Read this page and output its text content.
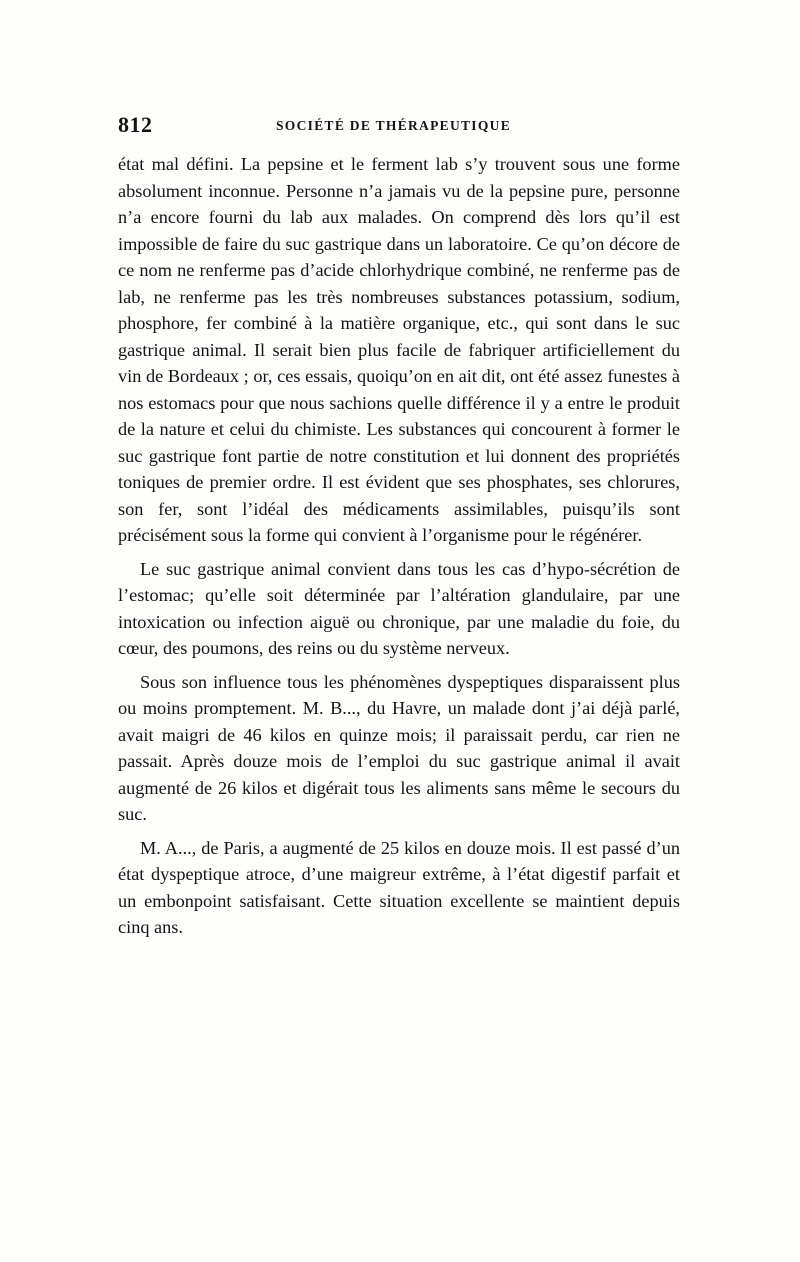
812	SOCIÉTÉ DE THÉRAPEUTIQUE

état mal défini. La pepsine et le ferment lab s’y trouvent sous une forme absolument inconnue. Personne n’a jamais vu de la pepsine pure, personne n’a encore fourni du lab aux malades. On comprend dès lors qu’il est impossible de faire du suc gastrique dans un laboratoire. Ce qu’on décore de ce nom ne renferme pas d’acide chlorhydrique combiné, ne renferme pas de lab, ne renferme pas les très nombreuses substances potassium, sodium, phosphore, fer combiné à la matière organique, etc., qui sont dans le suc gastrique animal. Il serait bien plus facile de fabriquer artificiellement du vin de Bordeaux ; or, ces essais, quoiqu’on en ait dit, ont été assez funestes à nos estomacs pour que nous sachions quelle différence il y a entre le produit de la nature et celui du chimiste. Les substances qui concourent à former le suc gastrique font partie de notre constitution et lui donnent des propriétés toniques de premier ordre. Il est évident que ses phosphates, ses chlorures, son fer, sont l’idéal des médicaments assimilables, puisqu’ils sont précisément sous la forme qui convient à l’organisme pour le régénérer.

Le suc gastrique animal convient dans tous les cas d’hypo-sécrétion de l’estomac; qu’elle soit déterminée par l’altération glandulaire, par une intoxication ou infection aiguë ou chronique, par une maladie du foie, du cœur, des poumons, des reins ou du système nerveux.

Sous son influence tous les phénomènes dyspeptiques disparaissent plus ou moins promptement. M. B..., du Havre, un malade dont j’ai déjà parlé, avait maigri de 46 kilos en quinze mois; il paraissait perdu, car rien ne passait. Après douze mois de l’emploi du suc gastrique animal il avait augmenté de 26 kilos et digérait tous les aliments sans même le secours du suc.

M. A..., de Paris, a augmenté de 25 kilos en douze mois. Il est passé d’un état dyspeptique atroce, d’une maigreur extrême, à l’état digestif parfait et un embonpoint satisfaisant. Cette situation excellente se maintient depuis cinq ans.
